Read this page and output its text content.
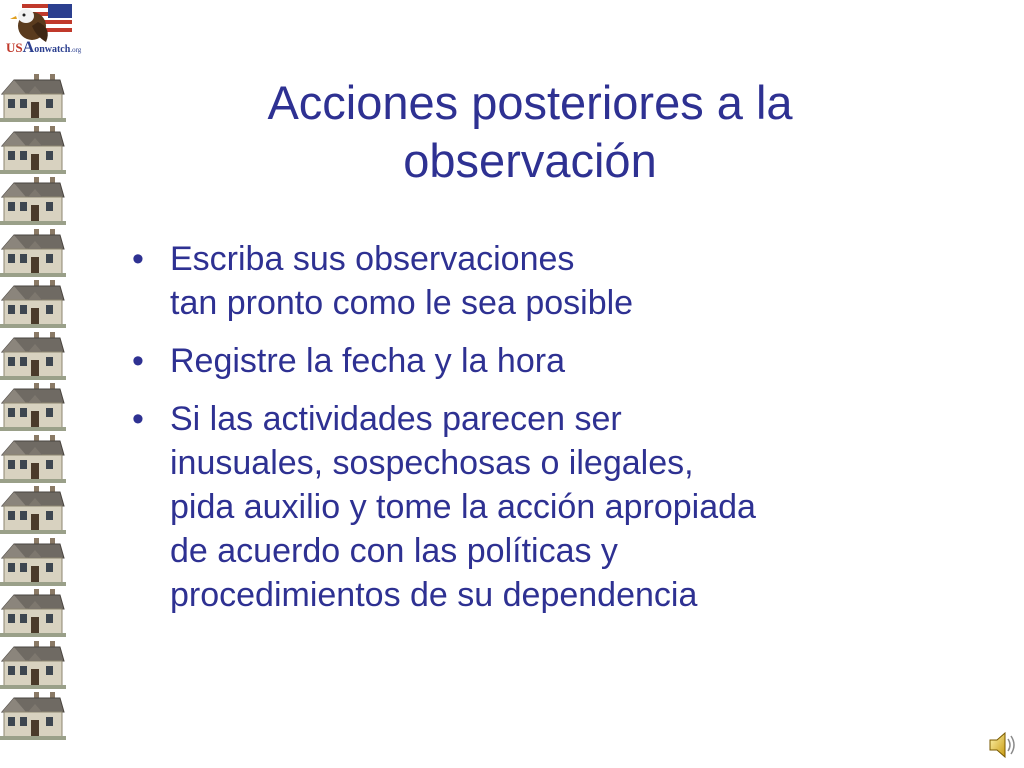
USAonwatch.org
Acciones posteriores a la
observación
• Escriba sus observaciones
tan pronto como le sea posible
• Registre la fecha y la hora
• Si las actividades parecen ser
inusuales, sospechosas o ilegales,
pida auxilio y tome la acción apropiada
de acuerdo con las políticas y
procedimientos de su dependencia
